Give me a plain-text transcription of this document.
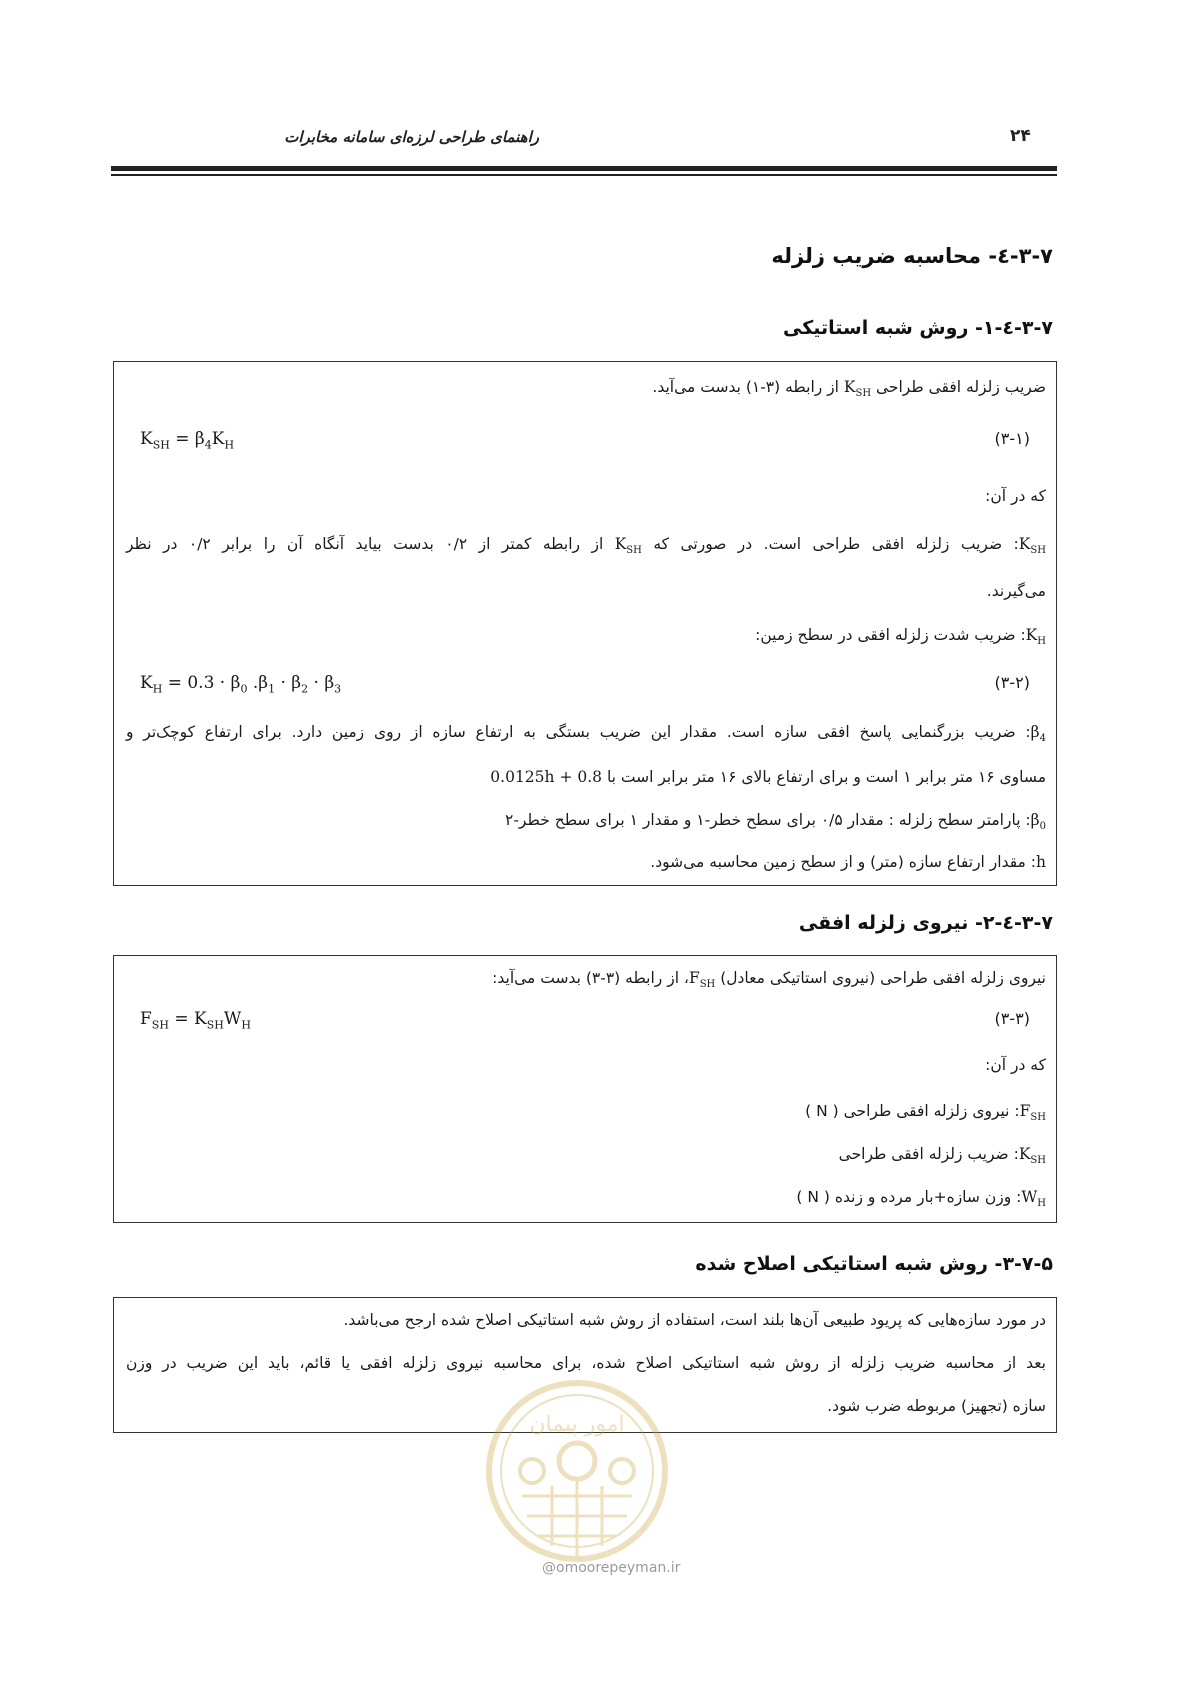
راهنمای طراحی لرزه‌ای سامانه مخابرات	۲۴
۳-۷-٤- محاسبه ضریب زلزله
۳-۷-٤-۱- روش شبه استاتیکی
ضریب زلزله افقی طراحی $K_{SH}$ از رابطه (۳-۱) بدست می‌آید.
$K_{SH} = \beta_4K_H$	(۳-۱)
که در آن:
$K_{SH}$: ضریب زلزله افقی طراحی است. در صورتی که $K_{SH}$ از رابطه کمتر از ۰/۲ بدست بیاید آنگاه آن را برابر ۰/۲ در نظر
می‌گیرند.
$K_H$: ضریب شدت زلزله افقی در سطح زمین:
$K_H = 0.3 \cdot \beta_0$ $.\beta_1 \cdot \beta_2 \cdot \beta_3$	(۳-۲)
$\beta_4$: ضریب بزرگنمایی پاسخ افقی سازه است. مقدار این ضریب بستگی به ارتفاع سازه از روی زمین دارد. برای ارتفاع کوچک‌تر و
مساوی ۱۶ متر برابر ۱ است و برای ارتفاع بالای ۱۶ متر برابر است با 0.0125h + 0.8
$\beta_0$: پارامتر سطح زلزله : مقدار ۰/۵ برای سطح خطر-۱ و مقدار ۱ برای سطح خطر-۲
h: مقدار ارتفاع سازه (متر) و از سطح زمین محاسبه می‌شود.
۳-۷-٤-۲- نیروی زلزله افقی
نیروی زلزله افقی طراحی (نیروی استاتیکی معادل) $F_{SH}،$ از رابطه (۳-۳) بدست می‌آید:
$F_{SH} = K_{SH}W_H$	(۳-۳)
که در آن:
$F_{SH}$: نیروی زلزله افقی طراحی ( N )
$K_{SH}$: ضریب زلزله افقی طراحی
$W_H$: وزن سازه+بار مرده و زنده ( N )
۳-۷-۵- روش شبه استاتیکی اصلاح شده
در مورد سازه‌هایی که پریود طبیعی آن‌ها بلند است، استفاده از روش شبه استاتیکی اصلاح شده ارجح می‌باشد.
بعد از محاسبه ضریب زلزله از روش شبه استاتیکی اصلاح شده، برای محاسبه نیروی زلزله افقی یا قائم، باید این ضریب در وزن
سازه (تجهیز) مربوطه ضرب شود.
امور پیمان
@omoorepeyman.ir
